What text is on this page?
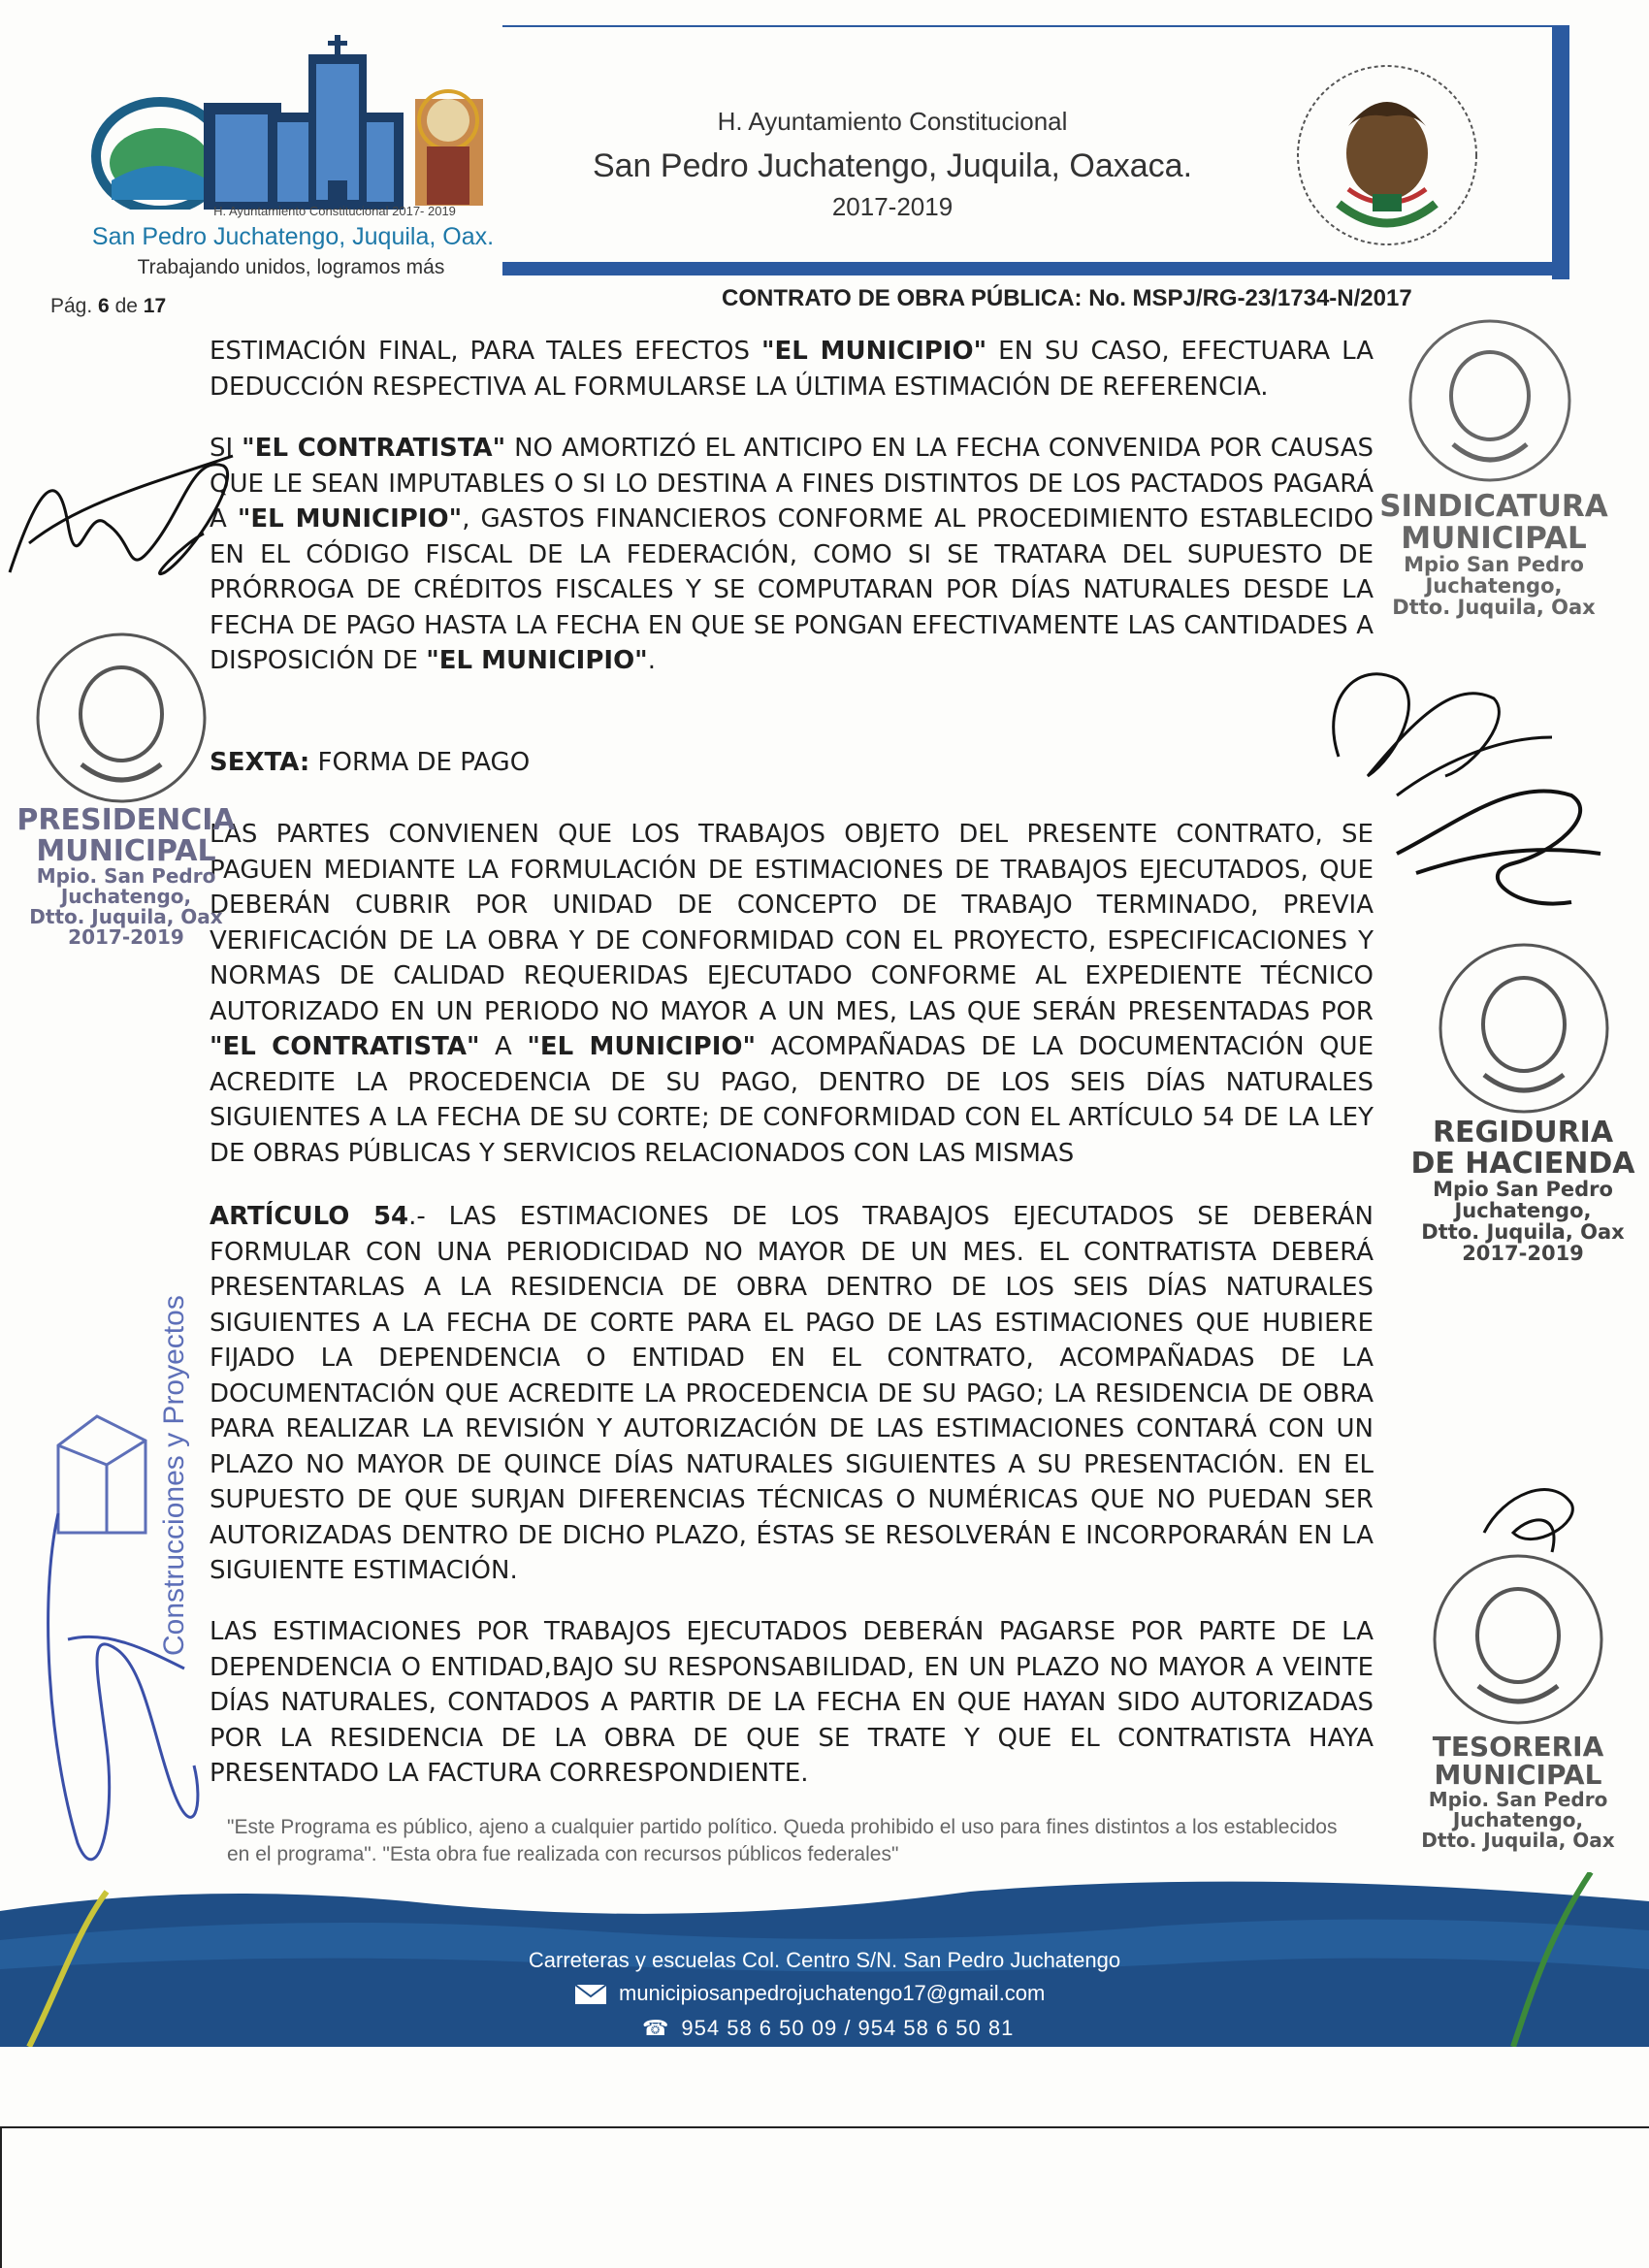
H. Ayuntamiento Constitucional 2017- 2019
San Pedro Juchatengo, Juquila, Oax.
Trabajando unidos, logramos más
H. Ayuntamiento Constitucional
San Pedro Juchatengo, Juquila, Oaxaca.
2017-2019
Pág. 6 de 17	CONTRATO DE OBRA PÚBLICA: No. MSPJ/RG-23/1734-N/2017

ESTIMACIÓN FINAL, PARA TALES EFECTOS "EL MUNICIPIO" EN SU CASO, EFECTUARA LA DEDUCCIÓN RESPECTIVA AL FORMULARSE LA ÚLTIMA ESTIMACIÓN DE REFERENCIA.

SI "EL CONTRATISTA" NO AMORTIZÓ EL ANTICIPO EN LA FECHA CONVENIDA POR CAUSAS QUE LE SEAN IMPUTABLES O SI LO DESTINA A FINES DISTINTOS DE LOS PACTADOS PAGARÁ A "EL MUNICIPIO", GASTOS FINANCIEROS CONFORME AL PROCEDIMIENTO ESTABLECIDO EN EL CÓDIGO FISCAL DE LA FEDERACIÓN, COMO SI SE TRATARA DEL SUPUESTO DE PRÓRROGA DE CRÉDITOS FISCALES Y SE COMPUTARAN POR DÍAS NATURALES DESDE LA FECHA DE PAGO HASTA LA FECHA EN QUE SE PONGAN EFECTIVAMENTE LAS CANTIDADES A DISPOSICIÓN DE "EL MUNICIPIO".

SEXTA: FORMA DE PAGO

LAS PARTES CONVIENEN QUE LOS TRABAJOS OBJETO DEL PRESENTE CONTRATO, SE PAGUEN MEDIANTE LA FORMULACIÓN DE ESTIMACIONES DE TRABAJOS EJECUTADOS, QUE DEBERÁN CUBRIR POR UNIDAD DE CONCEPTO DE TRABAJO TERMINADO, PREVIA VERIFICACIÓN DE LA OBRA Y DE CONFORMIDAD CON EL PROYECTO, ESPECIFICACIONES Y NORMAS DE CALIDAD REQUERIDAS EJECUTADO CONFORME AL EXPEDIENTE TÉCNICO AUTORIZADO EN UN PERIODO NO MAYOR A UN MES, LAS QUE SERÁN PRESENTADAS POR "EL CONTRATISTA" A "EL MUNICIPIO" ACOMPAÑADAS DE LA DOCUMENTACIÓN QUE ACREDITE LA PROCEDENCIA DE SU PAGO, DENTRO DE LOS SEIS DÍAS NATURALES SIGUIENTES A LA FECHA DE SU CORTE; DE CONFORMIDAD CON EL ARTÍCULO 54 DE LA LEY DE OBRAS PÚBLICAS Y SERVICIOS RELACIONADOS CON LAS MISMAS

ARTÍCULO 54.- LAS ESTIMACIONES DE LOS TRABAJOS EJECUTADOS SE DEBERÁN FORMULAR CON UNA PERIODICIDAD NO MAYOR DE UN MES. EL CONTRATISTA DEBERÁ PRESENTARLAS A LA RESIDENCIA DE OBRA DENTRO DE LOS SEIS DÍAS NATURALES SIGUIENTES A LA FECHA DE CORTE PARA EL PAGO DE LAS ESTIMACIONES QUE HUBIERE FIJADO LA DEPENDENCIA O ENTIDAD EN EL CONTRATO, ACOMPAÑADAS DE LA DOCUMENTACIÓN QUE ACREDITE LA PROCEDENCIA DE SU PAGO; LA RESIDENCIA DE OBRA PARA REALIZAR LA REVISIÓN Y AUTORIZACIÓN DE LAS ESTIMACIONES CONTARÁ CON UN PLAZO NO MAYOR DE QUINCE DÍAS NATURALES SIGUIENTES A SU PRESENTACIÓN. EN EL SUPUESTO DE QUE SURJAN DIFERENCIAS TÉCNICAS O NUMÉRICAS QUE NO PUEDAN SER AUTORIZADAS DENTRO DE DICHO PLAZO, ÉSTAS SE RESOLVERÁN E INCORPORARÁN EN LA SIGUIENTE ESTIMACIÓN.

LAS ESTIMACIONES POR TRABAJOS EJECUTADOS DEBERÁN PAGARSE POR PARTE DE LA DEPENDENCIA O ENTIDAD,BAJO SU RESPONSABILIDAD, EN UN PLAZO NO MAYOR A VEINTE DÍAS NATURALES, CONTADOS A PARTIR DE LA FECHA EN QUE HAYAN SIDO AUTORIZADAS POR LA RESIDENCIA DE LA OBRA DE QUE SE TRATE Y QUE EL CONTRATISTA HAYA PRESENTADO LA FACTURA CORRESPONDIENTE.

SINDICATURA
MUNICIPAL
Mpio San Pedro
Juchatengo,
Dtto. Juquila, Oax
PRESIDENCIA
MUNICIPAL
Mpio. San Pedro
Juchatengo,
Dtto. Juquila, Oax
2017-2019
REGIDURIA
DE HACIENDA
Mpio San Pedro
Juchatengo,
Dtto. Juquila, Oax
2017-2019
TESORERIA
MUNICIPAL
Mpio. San Pedro
Juchatengo,
Dtto. Juquila, Oax
Construcciones y Proyectos
"Este Programa es público, ajeno a cualquier partido político. Queda prohibido el uso para fines distintos a los establecidos en el programa". "Esta obra fue realizada con recursos públicos federales"
Carreteras y escuelas Col. Centro S/N. San Pedro Juchatengo
municipiosanpedrojuchatengo17@gmail.com
☎ 954 58 6 50 09 / 954 58 6 50 81
